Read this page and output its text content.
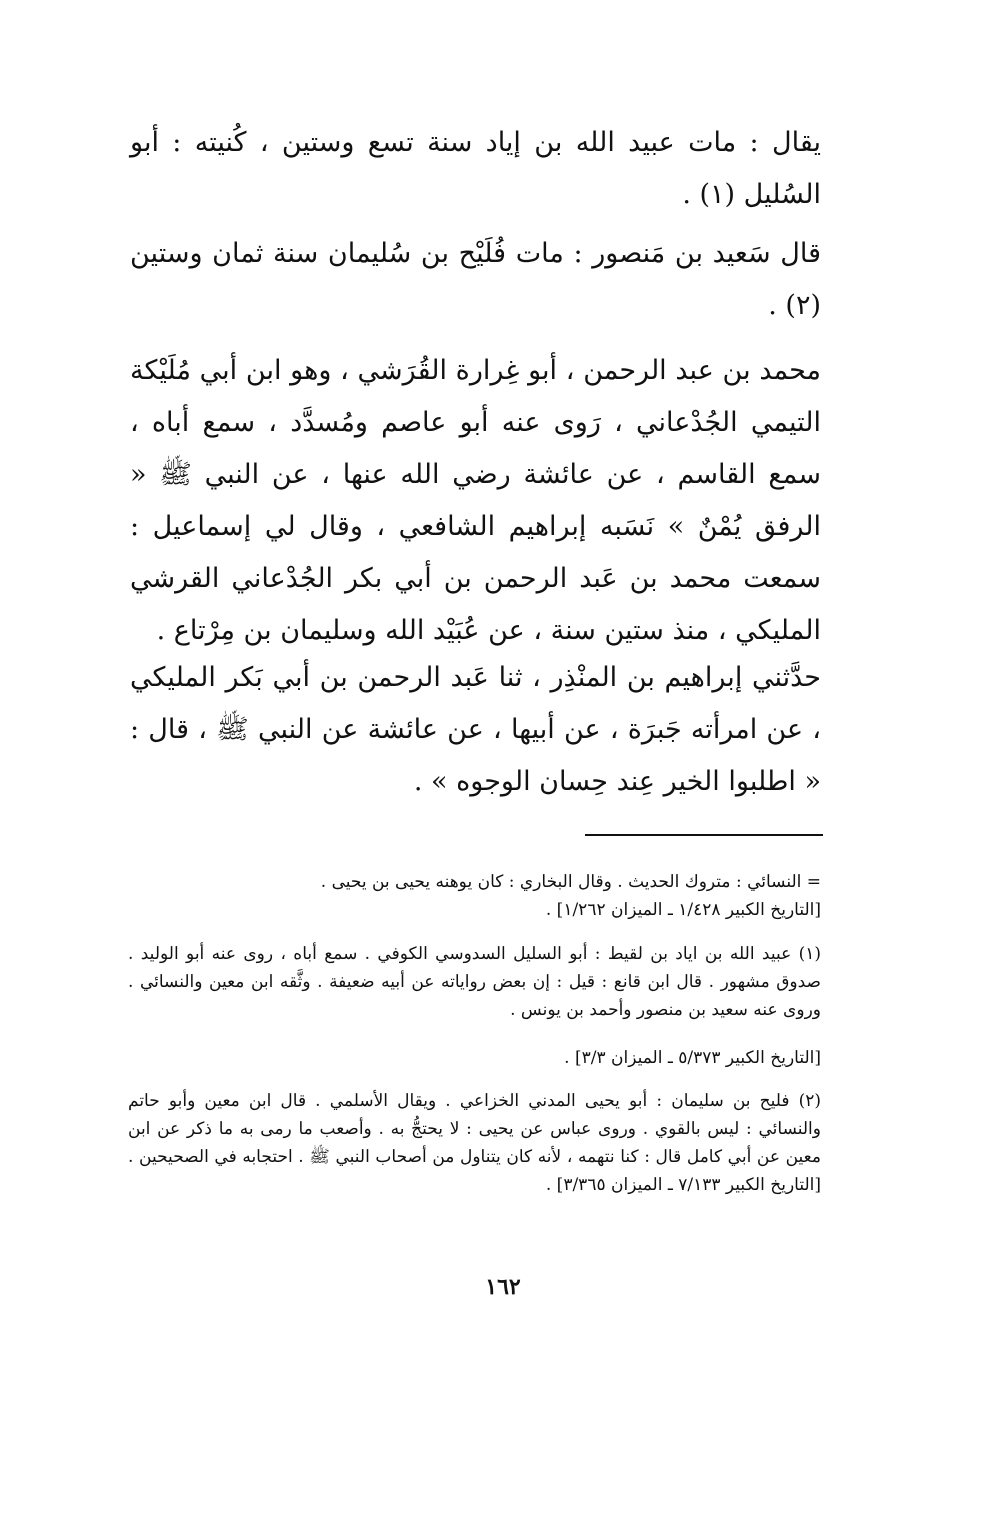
يقال : مات عبيد الله بن إياد سنة تسع وستين ، كُنيته : أبو السُليل (١) .

قال سَعيد بن مَنصور : مات فُلَيْح بن سُليمان سنة ثمان وستين (٢) .

محمد بن عبد الرحمن ، أبو غِرارة القُرَشي ، وهو ابن أبي مُلَيْكة التيمي الجُدْعاني ، رَوى عنه أبو عاصم ومُسدَّد ، سمع أباه ، سمع القاسم ، عن عائشة رضي الله عنها ، عن النبي ﷺ « الرفق يُمْنٌ » نَسَبه إبراهيم الشافعي ، وقال لي إسماعيل : سمعت محمد بن عَبد الرحمن بن أبي بكر الجُدْعاني القرشي المليكي ، منذ ستين سنة ، عن عُبَيْد الله وسليمان بن مِرْتاع .

حدَّثني إبراهيم بن المنْذِر ، ثنا عَبد الرحمن بن أبي بَكر المليكي ، عن امرأته جَبرَة ، عن أبيها ، عن عائشة عن النبي ﷺ ، قال : « اطلبوا الخير عِند حِسان الوجوه » .

= النسائي : متروك الحديث . وقال البخاري : كان يوهنه يحيى بن يحيى .

[التاريخ الكبير ١/٤٢٨ ـ الميزان ١/٢٦٢] .

(١) عبيد الله بن اياد بن لقيط : أبو السليل السدوسي الكوفي . سمع أباه ، روى عنه أبو الوليد . صدوق مشهور . قال ابن قانع : قيل : إن بعض رواياته عن أبيه ضعيفة . وثَّقه ابن معين والنسائي . وروى عنه سعيد بن منصور وأحمد بن يونس .

[التاريخ الكبير ٥/٣٧٣ ـ الميزان ٣/٣] .

(٢) فليح بن سليمان : أبو يحيى المدني الخزاعي . ويقال الأسلمي . قال ابن معين وأبو حاتم والنسائي : ليس بالقوي . وروى عباس عن يحيى : لا يحتجُّ به . وأصعب ما رمى به ما ذكر عن ابن معين عن أبي كامل قال : كنا نتهمه ، لأنه كان يتناول من أصحاب النبي ﷺ . احتجابه في الصحيحين . [التاريخ الكبير ٧/١٣٣ ـ الميزان ٣/٣٦٥] .

١٦٢
